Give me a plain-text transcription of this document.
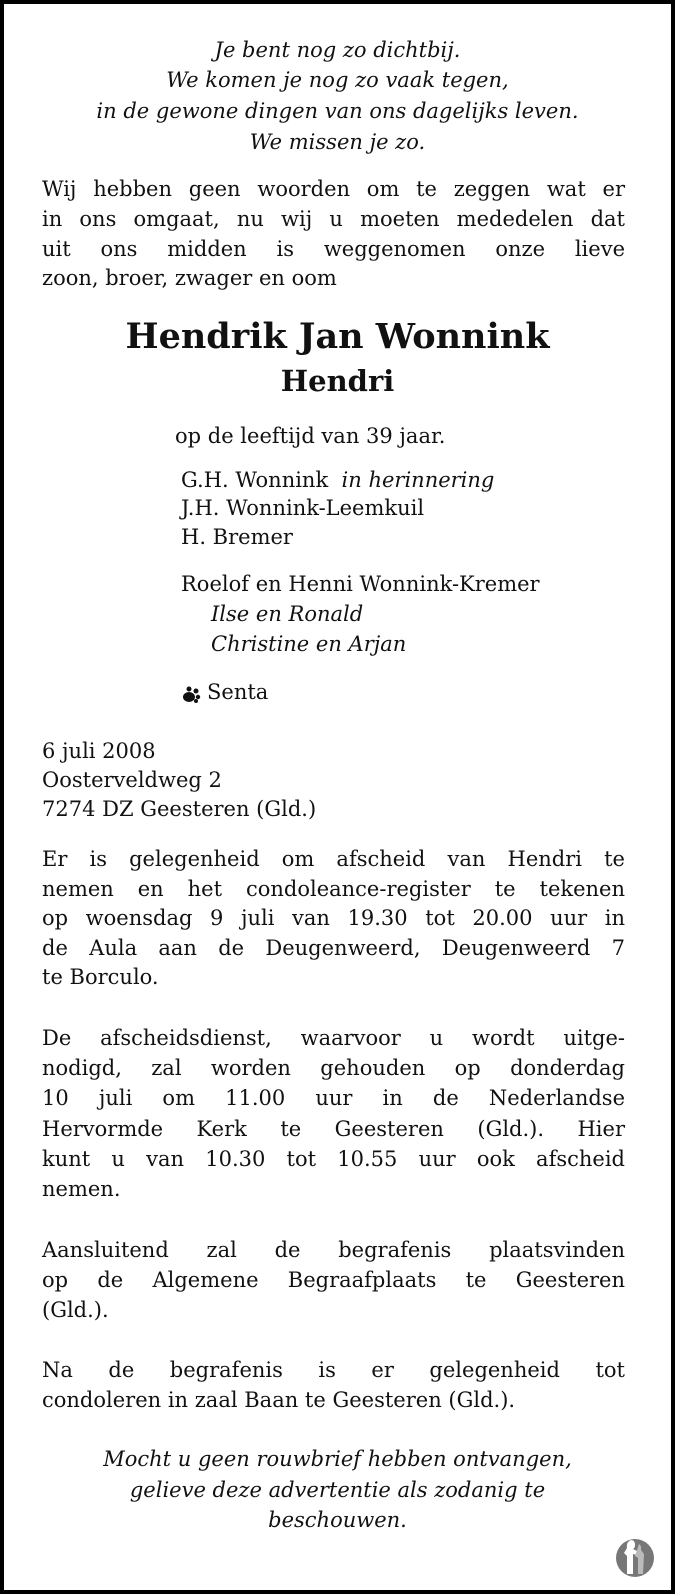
Je bent nog zo dichtbij.
We komen je nog zo vaak tegen,
in de gewone dingen van ons dagelijks leven.
We missen je zo.
Wij hebben geen woorden om te zeggen wat er
in ons omgaat, nu wij u moeten mededelen dat
uit ons midden is weggenomen onze lieve
zoon, broer, zwager en oom
Hendrik Jan Wonnink
Hendri
op de leeftijd van 39 jaar.
G.H. Wonnink in herinnering
J.H. Wonnink-Leemkuil
H. Bremer
Roelof en Henni Wonnink-Kremer
Ilse en Ronald
Christine en Arjan
Senta
6 juli 2008
Oosterveldweg 2
7274 DZ Geesteren (Gld.)
Er is gelegenheid om afscheid van Hendri te
nemen en het condoleance-register te tekenen
op woensdag 9 juli van 19.30 tot 20.00 uur in
de Aula aan de Deugenweerd, Deugenweerd 7
te Borculo.
De afscheidsdienst, waarvoor u wordt uitge-
nodigd, zal worden gehouden op donderdag
10 juli om 11.00 uur in de Nederlandse
Hervormde Kerk te Geesteren (Gld.). Hier
kunt u van 10.30 tot 10.55 uur ook afscheid
nemen.
Aansluitend zal de begrafenis plaatsvinden
op de Algemene Begraafplaats te Geesteren
(Gld.).
Na de begrafenis is er gelegenheid tot
condoleren in zaal Baan te Geesteren (Gld.).
Mocht u geen rouwbrief hebben ontvangen,
gelieve deze advertentie als zodanig te
beschouwen.
